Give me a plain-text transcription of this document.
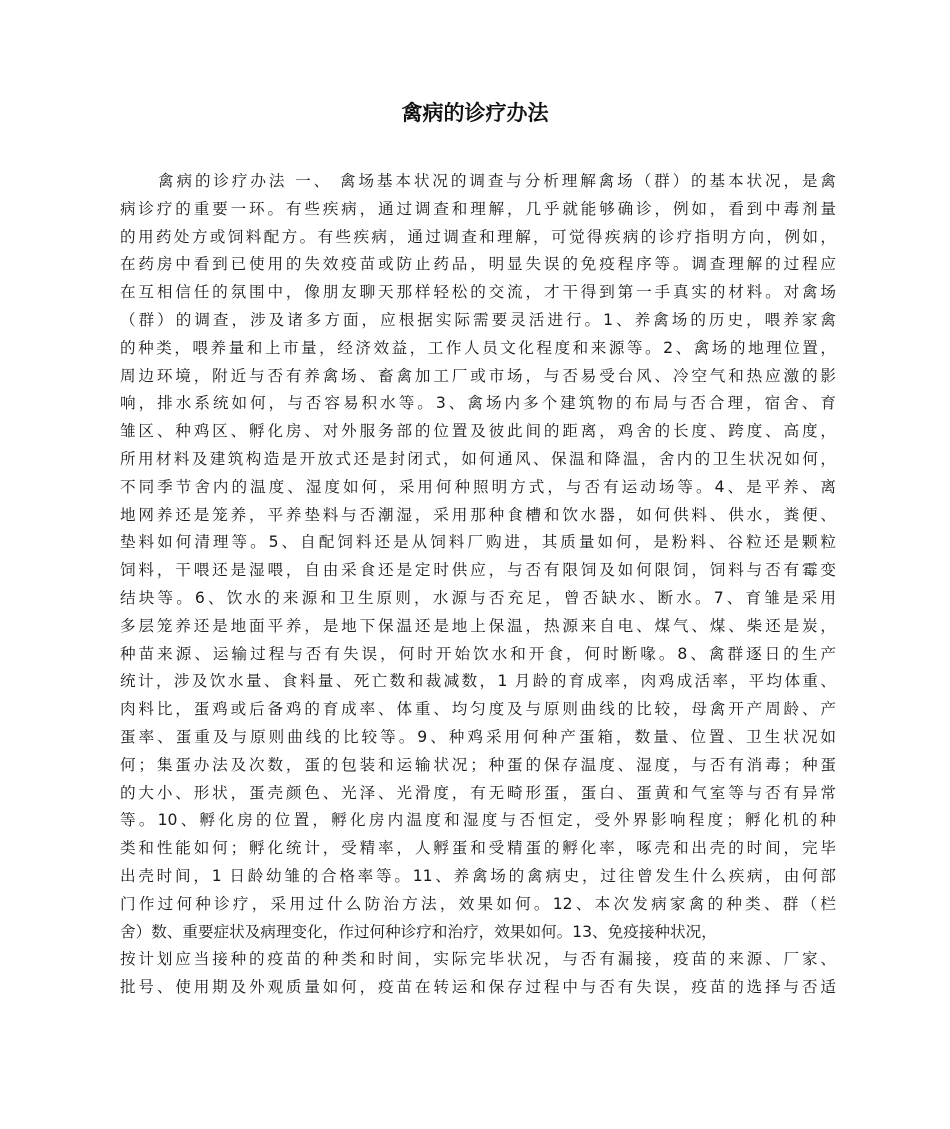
禽病的诊疗办法
禽病的诊疗办法 一、 禽场基本状况的调查与分析理解禽场（群）的基本状况，是禽
病诊疗的重要一环。有些疾病，通过调查和理解，几乎就能够确诊，例如，看到中毒剂量
的用药处方或饲料配方。有些疾病，通过调查和理解，可觉得疾病的诊疗指明方向，例如，
在药房中看到已使用的失效疫苗或防止药品，明显失误的免疫程序等。调查理解的过程应
在互相信任的氛围中，像朋友聊天那样轻松的交流，才干得到第一手真实的材料。对禽场
（群）的调查，涉及诸多方面，应根据实际需要灵活进行。1、养禽场的历史，喂养家禽
的种类，喂养量和上市量，经济效益，工作人员文化程度和来源等。2、禽场的地理位置，
周边环境，附近与否有养禽场、畜禽加工厂或市场，与否易受台风、冷空气和热应激的影
响，排水系统如何，与否容易积水等。3、禽场内多个建筑物的布局与否合理，宿舍、育
雏区、种鸡区、孵化房、对外服务部的位置及彼此间的距离，鸡舍的长度、跨度、高度，
所用材料及建筑构造是开放式还是封闭式，如何通风、保温和降温，舍内的卫生状况如何，
不同季节舍内的温度、湿度如何，采用何种照明方式，与否有运动场等。4、是平养、离
地网养还是笼养，平养垫料与否潮湿，采用那种食槽和饮水器，如何供料、供水，粪便、
垫料如何清理等。5、自配饲料还是从饲料厂购进，其质量如何，是粉料、谷粒还是颗粒
饲料，干喂还是湿喂，自由采食还是定时供应，与否有限饲及如何限饲，饲料与否有霉变
结块等。6、饮水的来源和卫生原则，水源与否充足，曾否缺水、断水。7、育雏是采用
多层笼养还是地面平养，是地下保温还是地上保温，热源来自电、煤气、煤、柴还是炭，
种苗来源、运输过程与否有失误，何时开始饮水和开食，何时断喙。8、禽群逐日的生产
统计，涉及饮水量、食料量、死亡数和裁减数，1 月龄的育成率，肉鸡成活率，平均体重、
肉料比，蛋鸡或后备鸡的育成率、体重、均匀度及与原则曲线的比较，母禽开产周龄、产
蛋率、蛋重及与原则曲线的比较等。9、种鸡采用何种产蛋箱，数量、位置、卫生状况如
何；集蛋办法及次数，蛋的包装和运输状况；种蛋的保存温度、湿度，与否有消毒；种蛋
的大小、形状，蛋壳颜色、光泽、光滑度，有无畸形蛋，蛋白、蛋黄和气室等与否有异常
等。10、孵化房的位置，孵化房内温度和湿度与否恒定，受外界影响程度；孵化机的种
类和性能如何；孵化统计，受精率，人孵蛋和受精蛋的孵化率，啄壳和出壳的时间，完毕
出壳时间，1 日龄幼雏的合格率等。11、养禽场的禽病史，过往曾发生什么疾病，由何部
门作过何种诊疗，采用过什么防治方法，效果如何。12、本次发病家禽的种类、群（栏
舍）数、重要症状及病理变化，作过何种诊疗和治疗，效果如何。13、免疫接种状况，
按计划应当接种的疫苗的种类和时间，实际完毕状况，与否有漏接，疫苗的来源、厂家、
批号、使用期及外观质量如何，疫苗在转运和保存过程中与否有失误，疫苗的选择与否适
